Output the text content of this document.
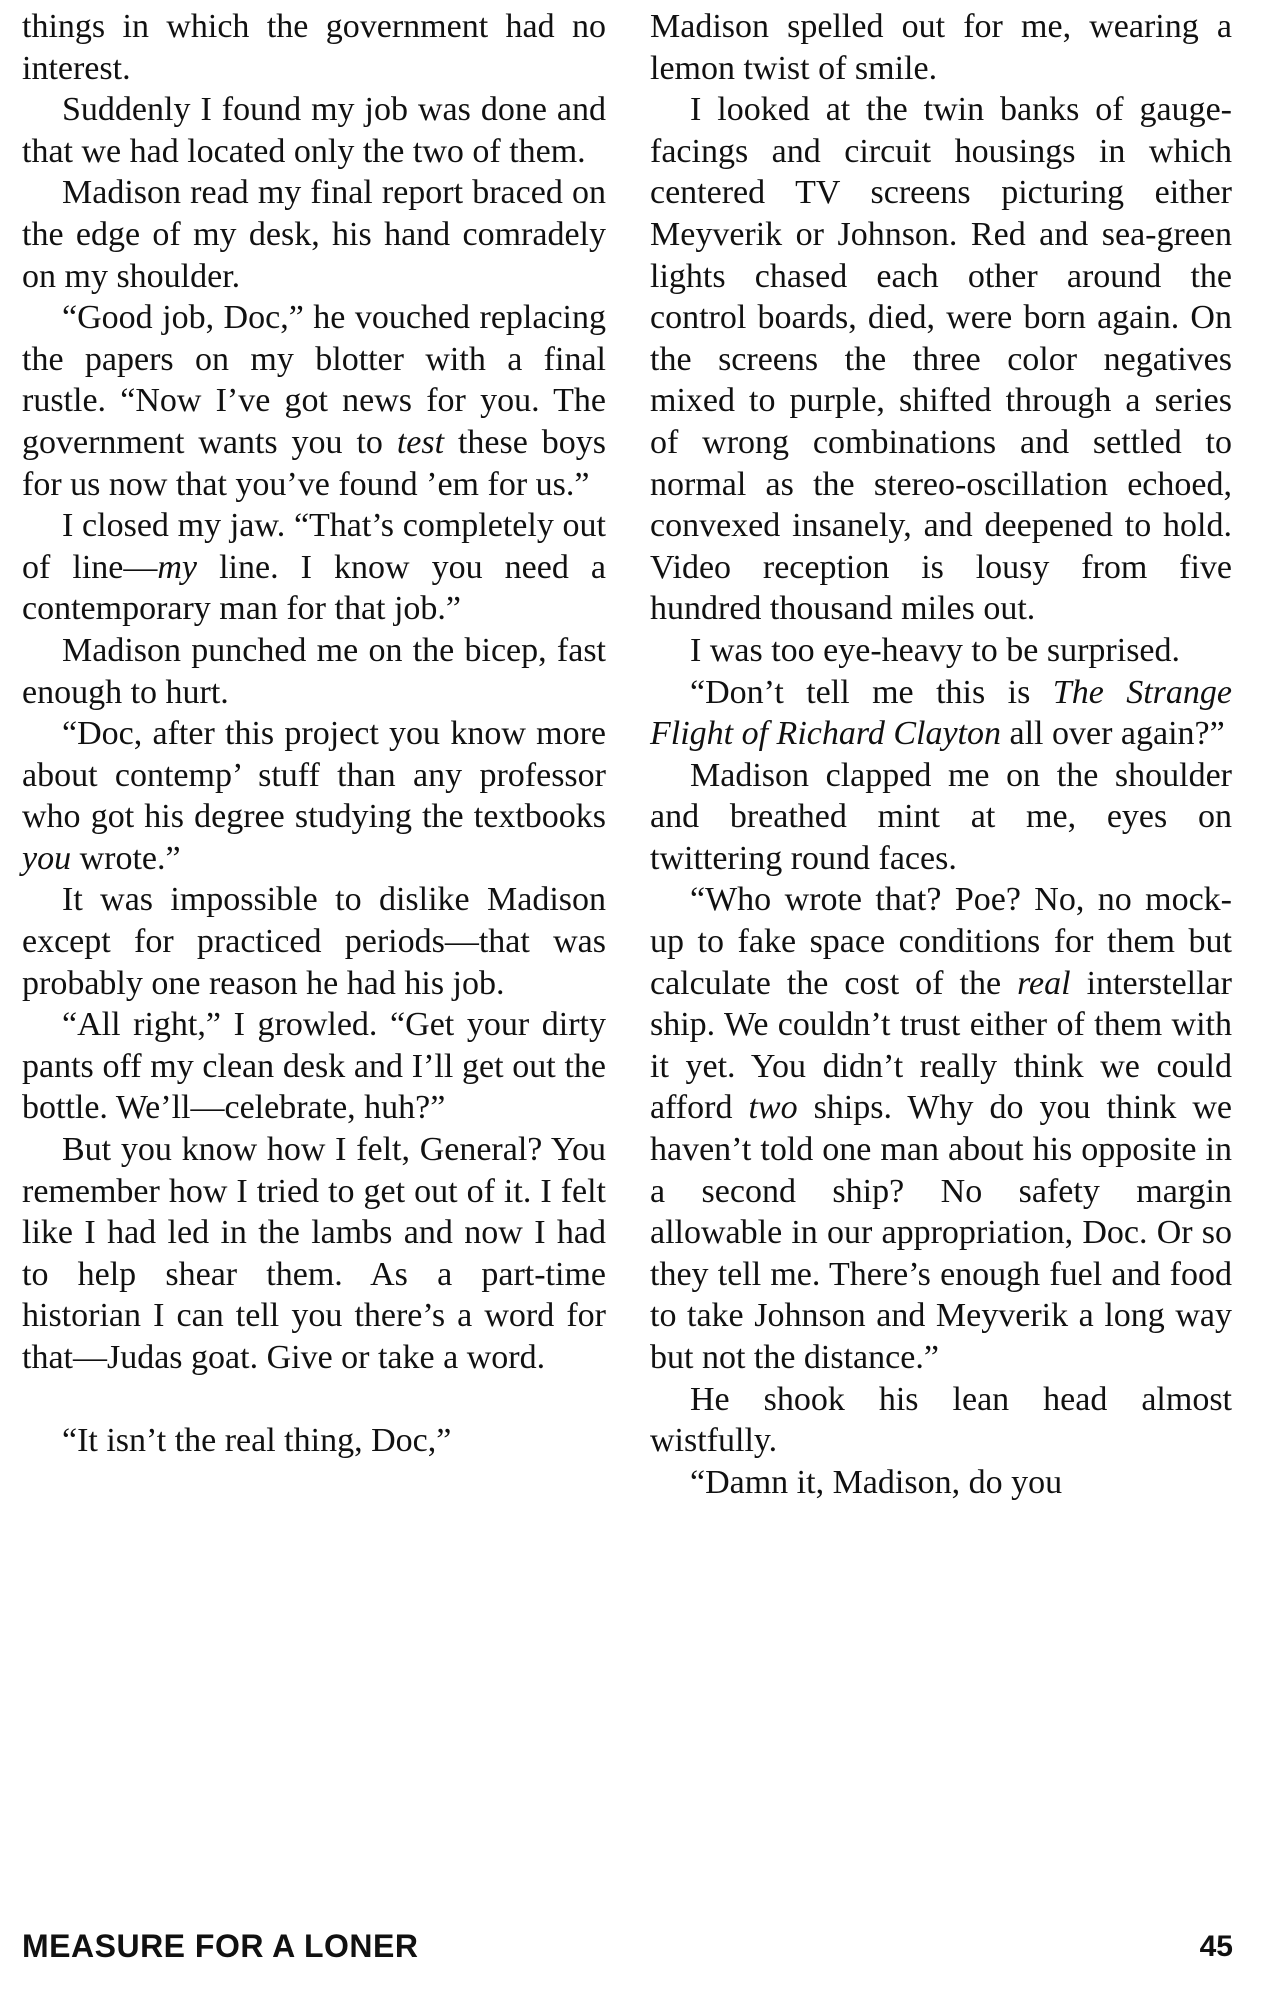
things in which the government had no interest.

Suddenly I found my job was done and that we had located only the two of them.

Madison read my final report braced on the edge of my desk, his hand comradely on my shoulder.

“Good job, Doc,” he vouched replacing the papers on my blotter with a final rustle. “Now I’ve got news for you. The government wants you to test these boys for us now that you’ve found ’em for us.”

I closed my jaw. “That’s completely out of line—my line. I know you need a contemporary man for that job.”

Madison punched me on the bicep, fast enough to hurt.

“Doc, after this project you know more about contemp’ stuff than any professor who got his degree studying the textbooks you wrote.”

It was impossible to dislike Madison except for practiced periods—that was probably one reason he had his job.

“All right,” I growled. “Get your dirty pants off my clean desk and I’ll get out the bottle. We’ll—celebrate, huh?”

But you know how I felt, General? You remember how I tried to get out of it. I felt like I had led in the lambs and now I had to help shear them. As a part-time historian I can tell you there’s a word for that—Judas goat. Give or take a word.

“It isn’t the real thing, Doc,”

Madison spelled out for me, wearing a lemon twist of smile.

I looked at the twin banks of gauge-facings and circuit housings in which centered TV screens picturing either Meyverik or Johnson. Red and sea-green lights chased each other around the control boards, died, were born again. On the screens the three color negatives mixed to purple, shifted through a series of wrong combinations and settled to normal as the stereo-oscillation echoed, convexed insanely, and deepened to hold. Video reception is lousy from five hundred thousand miles out.

I was too eye-heavy to be surprised.

“Don’t tell me this is The Strange Flight of Richard Clayton all over again?”

Madison clapped me on the shoulder and breathed mint at me, eyes on twittering round faces.

“Who wrote that? Poe? No, no mock-up to fake space conditions for them but calculate the cost of the real interstellar ship. We couldn’t trust either of them with it yet. You didn’t really think we could afford two ships. Why do you think we haven’t told one man about his opposite in a second ship? No safety margin allowable in our appropriation, Doc. Or so they tell me. There’s enough fuel and food to take Johnson and Meyverik a long way but not the distance.”

He shook his lean head almost wistfully.

“Damn it, Madison, do you

MEASURE FOR A LONER	45
